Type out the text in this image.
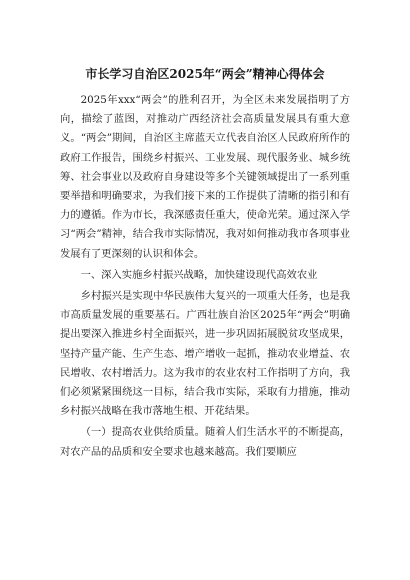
市长学习自治区2025年“两会”精神心得体会

2025年xxx“两会”的胜利召开，为全区未来发展指明了方向，描绘了蓝图，对推动广西经济社会高质量发展具有重大意义。“两会”期间，自治区主席蓝天立代表自治区人民政府所作的政府工作报告，围绕乡村振兴、工业发展、现代服务业、城乡统筹、社会事业以及政府自身建设等多个关键领域提出了一系列重要举措和明确要求，为我们接下来的工作提供了清晰的指引和有力的遵循。作为市长，我深感责任重大，使命光荣。通过深入学习“两会”精神，结合我市实际情况，我对如何推动我市各项事业发展有了更深刻的认识和体会。

一、深入实施乡村振兴战略，加快建设现代高效农业

乡村振兴是实现中华民族伟大复兴的一项重大任务，也是我市高质量发展的重要基石。广西壮族自治区2025年“两会”明确提出要深入推进乡村全面振兴，进一步巩固拓展脱贫攻坚成果，坚持产量产能、生产生态、增产增收一起抓，推动农业增益、农民增收、农村增活力。这为我市的农业农村工作指明了方向，我们必须紧紧围绕这一目标，结合我市实际，采取有力措施，推动乡村振兴战略在我市落地生根、开花结果。

（一）提高农业供给质量。随着人们生活水平的不断提高，对农产品的品质和安全要求也越来越高。我们要顺应
